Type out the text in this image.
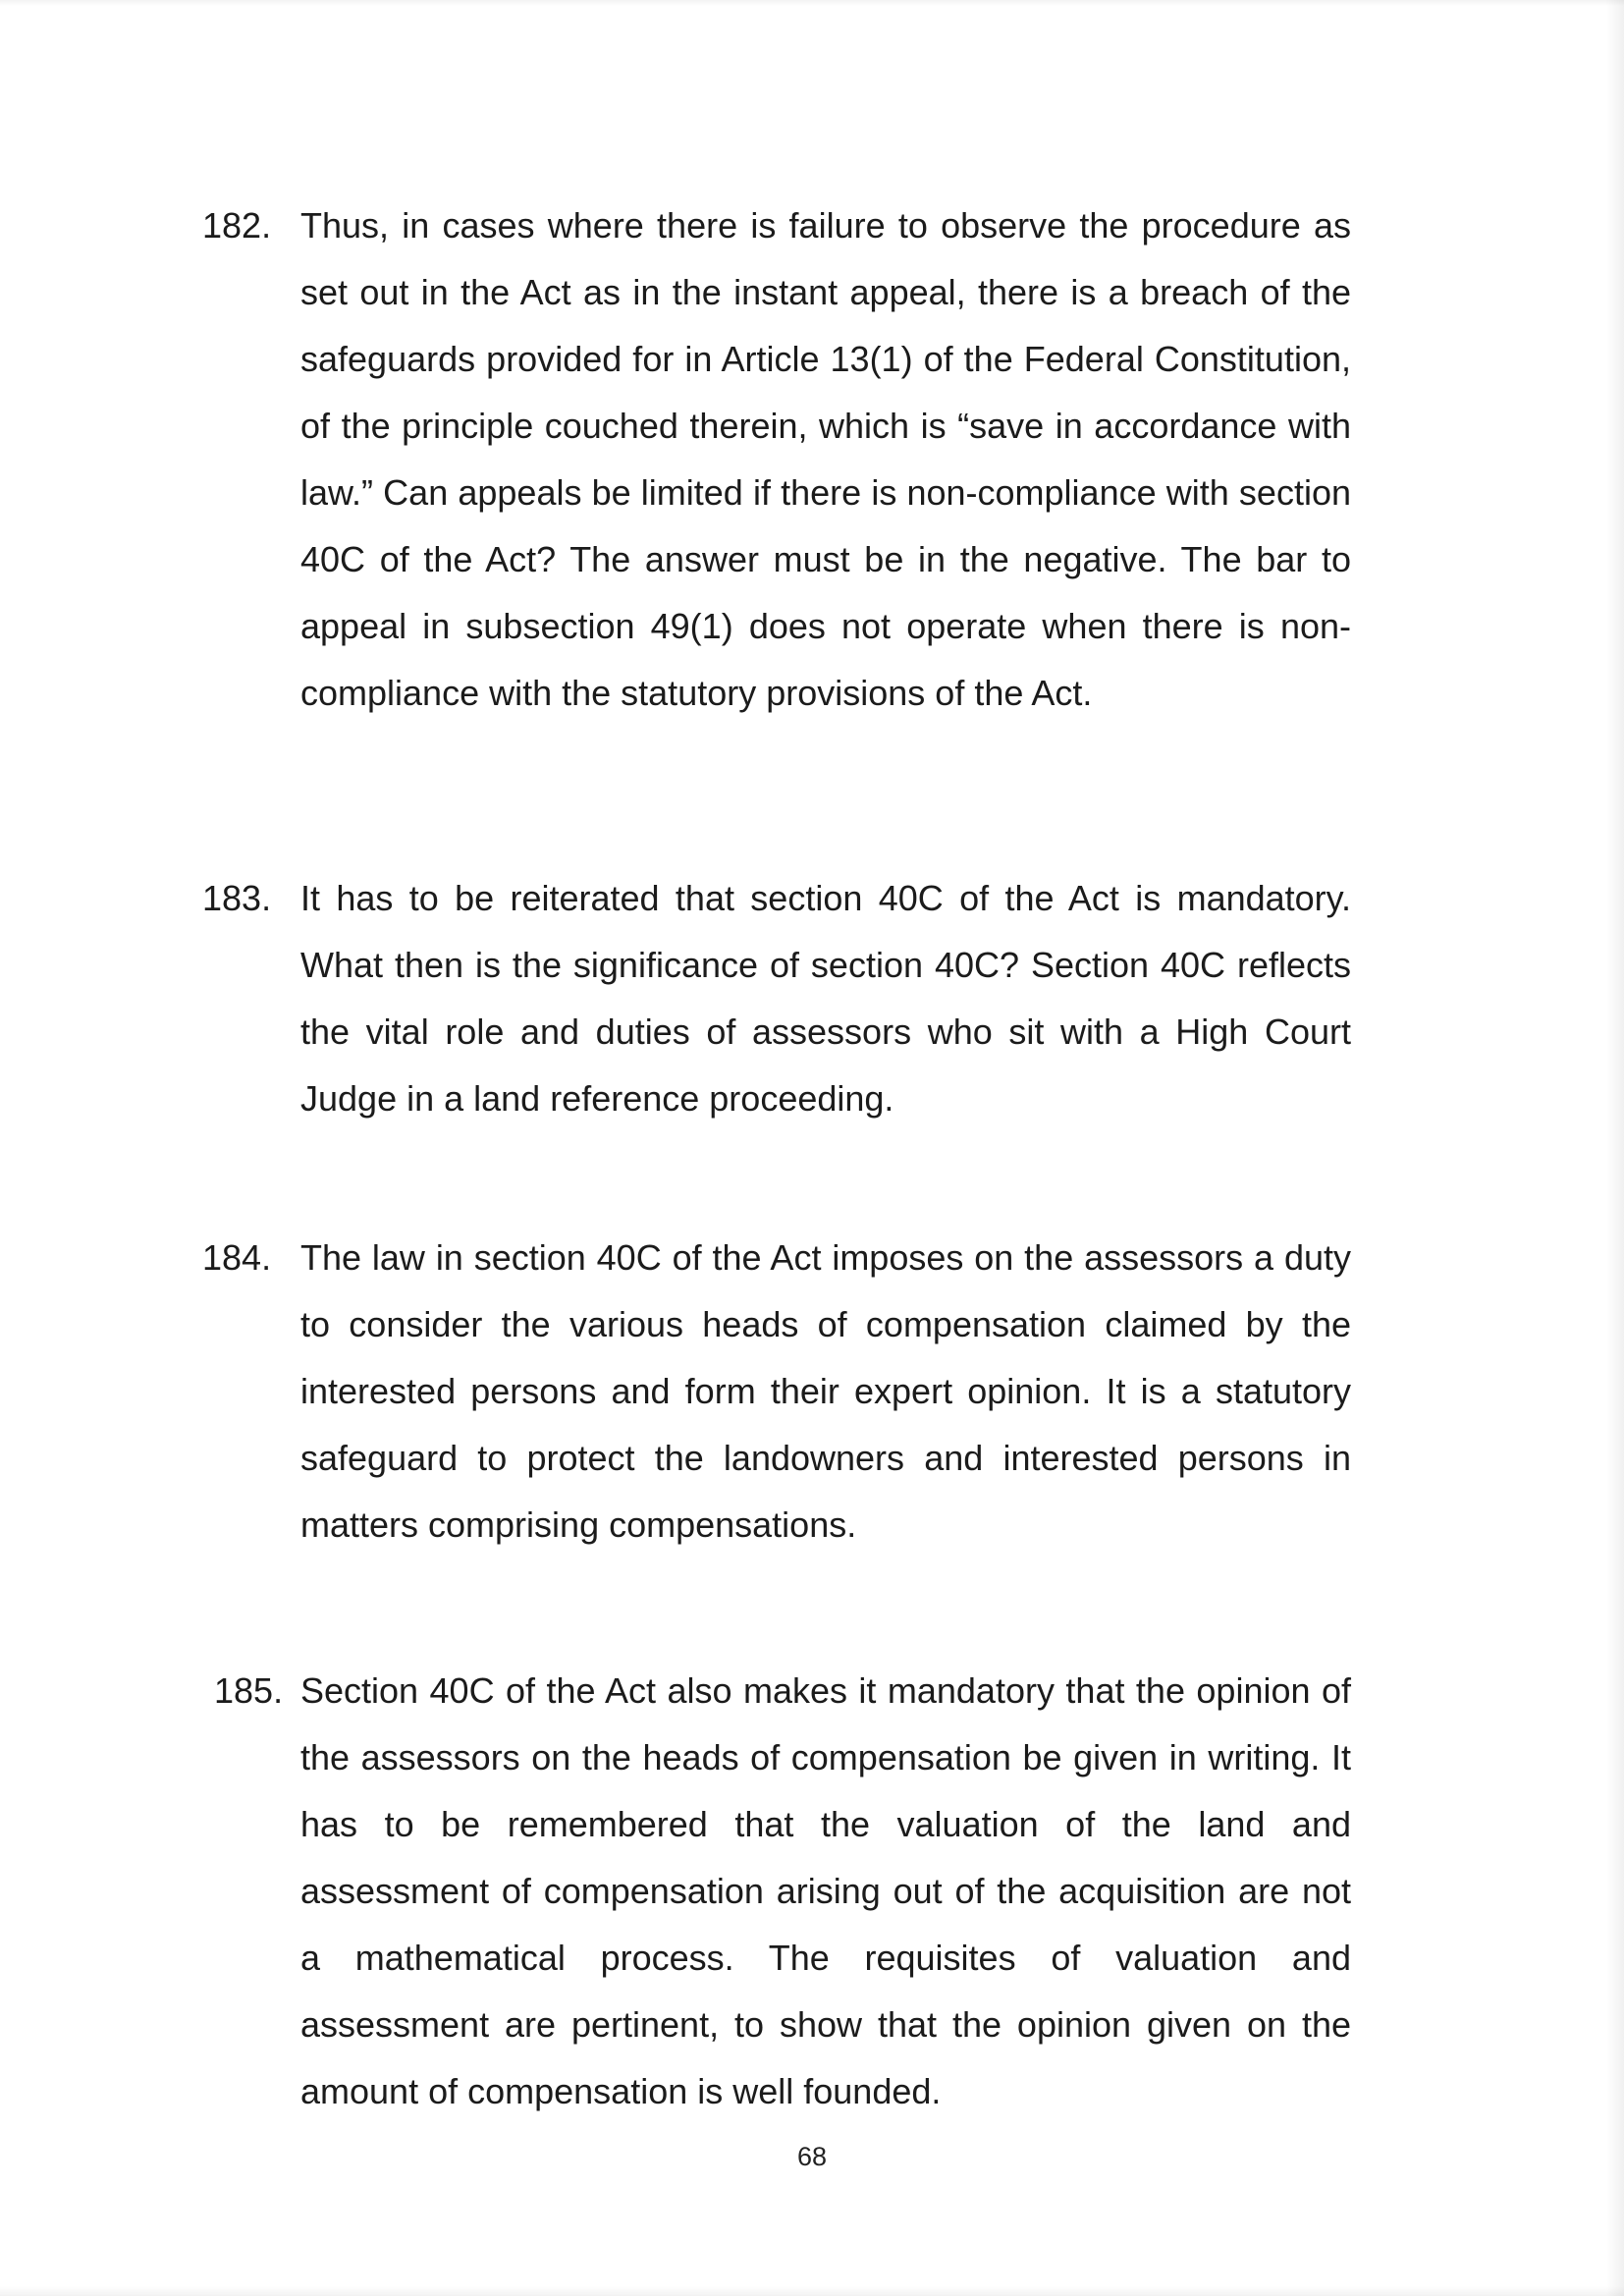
182. Thus, in cases where there is failure to observe the procedure as set out in the Act as in the instant appeal, there is a breach of the safeguards provided for in Article 13(1) of the Federal Constitution, of the principle couched therein, which is “save in accordance with law.” Can appeals be limited if there is non-compliance with section 40C of the Act? The answer must be in the negative. The bar to appeal in subsection 49(1) does not operate when there is non-compliance with the statutory provisions of the Act.
183. It has to be reiterated that section 40C of the Act is mandatory. What then is the significance of section 40C? Section 40C reflects the vital role and duties of assessors who sit with a High Court Judge in a land reference proceeding.
184. The law in section 40C of the Act imposes on the assessors a duty to consider the various heads of compensation claimed by the interested persons and form their expert opinion. It is a statutory safeguard to protect the landowners and interested persons in matters comprising compensations.
185. Section 40C of the Act also makes it mandatory that the opinion of the assessors on the heads of compensation be given in writing. It has to be remembered that the valuation of the land and assessment of compensation arising out of the acquisition are not a mathematical process. The requisites of valuation and assessment are pertinent, to show that the opinion given on the amount of compensation is well founded.
68
